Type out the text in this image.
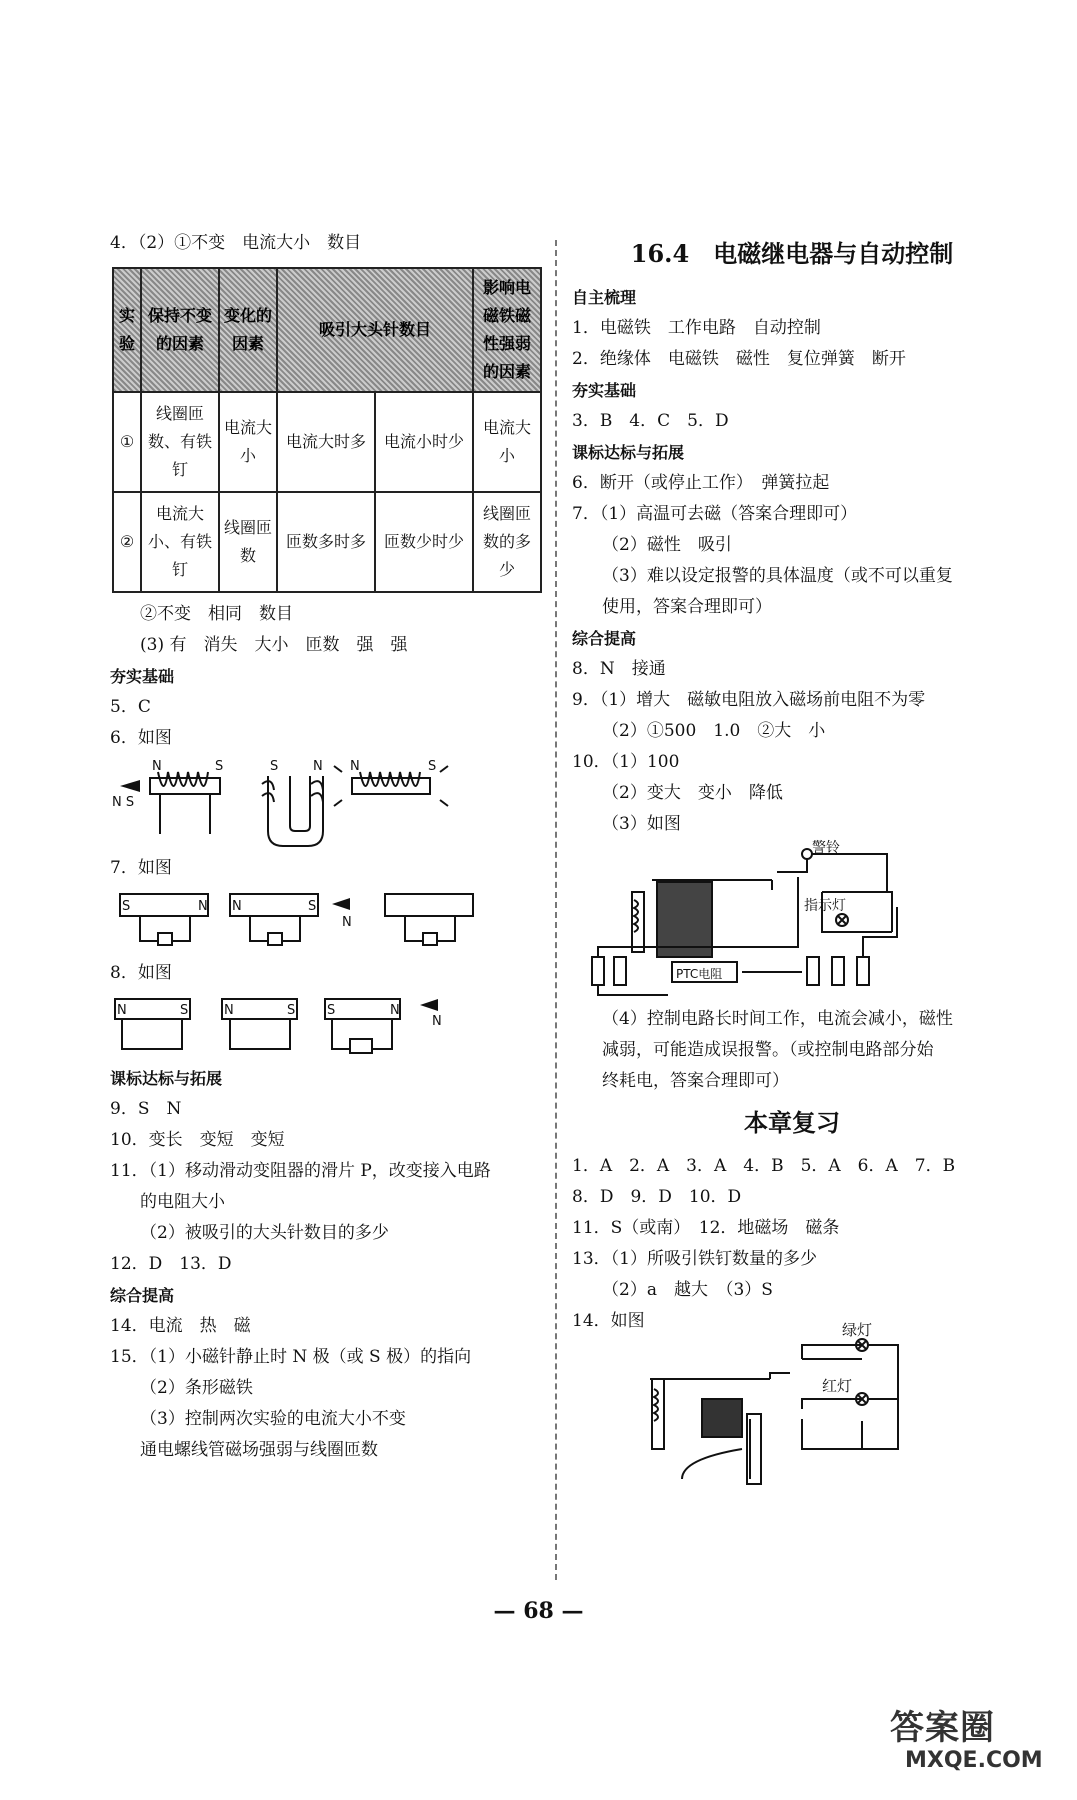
4．（2）①不变　电流大小　数目
实验	保持不变的因素	变化的因素	吸引大头针数目		影响电磁铁磁性强弱的因素
①	线圈匝数、有铁钉	电流大小	电流大时多	电流小时少	电流大小
②	电流大小、有铁钉	线圈匝数	匝数多时多	匝数少时少	线圈匝数的多少
②不变　相同　数目
(3) 有　消失　大小　匝数　强　强
夯实基础
5．C
6．如图
N	S
N S
S	N N	S
7．如图
S	N N	S
N
8．如图
N	S	N	S S	N
N
课标达标与拓展
9．S　N
10．变长　变短　变短
11．（1）移动滑动变阻器的滑片 P，改变接入电路
的电阻大小
（2）被吸引的大头针数目的多少
12．D　13．D
综合提高
14．电流　热　磁
15．（1）小磁针静止时 N 极（或 S 极）的指向
（2）条形磁铁
（3）控制两次实验的电流大小不变
通电螺线管磁场强弱与线圈匝数
16.4　电磁继电器与自动控制
自主梳理
1．电磁铁　工作电路　自动控制
2．绝缘体　电磁铁　磁性　复位弹簧　断开
夯实基础
3．B　4．C　5．D
课标达标与拓展
6．断开（或停止工作）　弹簧拉起
7．（1）高温可去磁（答案合理即可）
（2）磁性　吸引
（3）难以设定报警的具体温度（或不可以重复
使用，答案合理即可）
综合提高
8．N　接通
9．（1）增大　磁敏电阻放入磁场前电阻不为零
（2）①500　1.0　②大　小
10．（1）100
（2）变大　变小　降低
（3）如图
警铃
指示灯
PTC电阻
（4）控制电路长时间工作，电流会减小，磁性
减弱，可能造成误报警。（或控制电路部分始
终耗电，答案合理即可）
本章复习
1．A　2．A　3．A　4．B　5．A　6．A　7．B
8．D　9．D　10．D
11．S（或南）　12．地磁场　磁条
13．（1）所吸引铁钉数量的多少
（2）a　越大　（3）S
14．如图	绿灯
红灯
— 68 —
答案圈
MXQE.COM
